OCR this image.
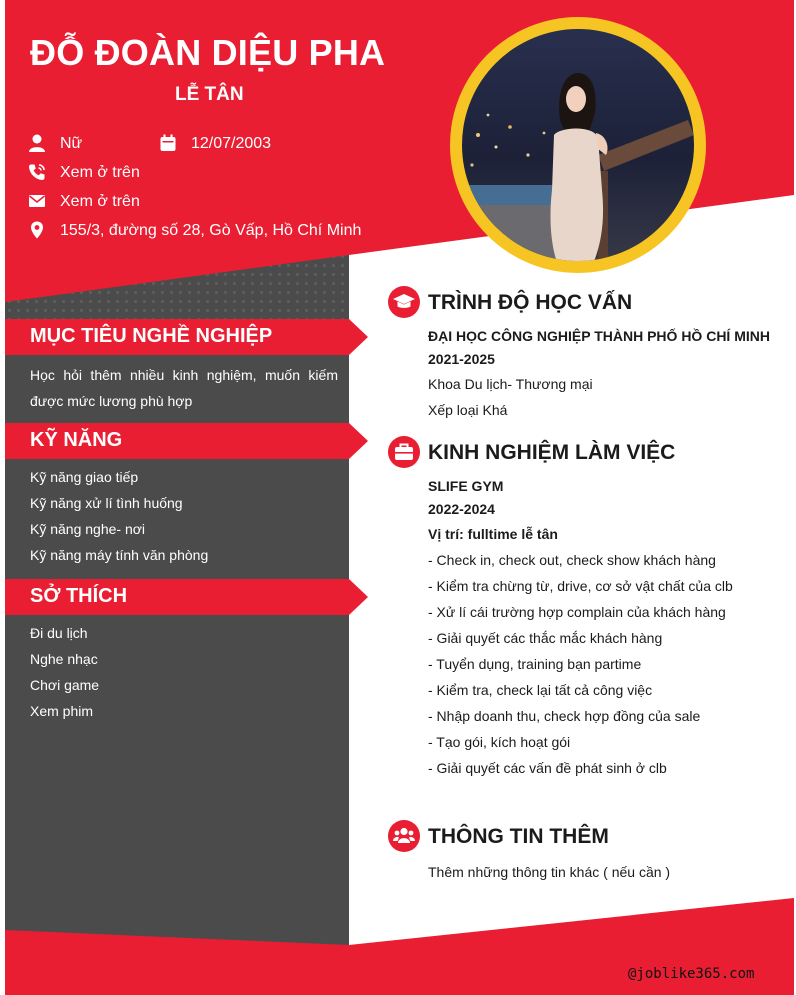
ĐỖ ĐOÀN DIỆU PHA
LỄ TÂN
Nữ	12/07/2003
Xem ở trên
Xem ở trên
155/3, đường số 28, Gò Vấp, Hồ Chí Minh
MỤC TIÊU NGHỀ NGHIỆP
Học hỏi thêm nhiều kinh nghiệm, muốn kiếm được mức lương phù hợp
KỸ NĂNG
Kỹ năng giao tiếp
Kỹ năng xử lí tình huống
Kỹ năng nghe- nơi
Kỹ năng máy tính văn phòng
SỞ THÍCH
Đi du lịch
Nghe nhạc
Chơi game
Xem phim
TRÌNH ĐỘ HỌC VẤN
ĐẠI HỌC CÔNG NGHIỆP THÀNH PHỐ HỒ CHÍ MINH
2021-2025
Khoa Du lịch- Thương mại
Xếp loại Khá
KINH NGHIỆM LÀM VIỆC
SLIFE GYM
2022-2024
Vị trí: fulltime lễ tân
- Check in, check out, check show khách hàng
- Kiểm tra chừng từ, drive, cơ sở vật chất của clb
- Xử lí cái trường hợp complain của khách hàng
- Giải quyết các thắc mắc khách hàng
- Tuyển dụng, training bạn partime
- Kiểm tra, check lại tất cả công việc
- Nhập doanh thu, check hợp đồng của sale
- Tạo gói, kích hoạt gói
- Giải quyết các vấn đề phát sinh ở clb
THÔNG TIN THÊM
Thêm những thông tin khác ( nếu cần )
@joblike365.com
